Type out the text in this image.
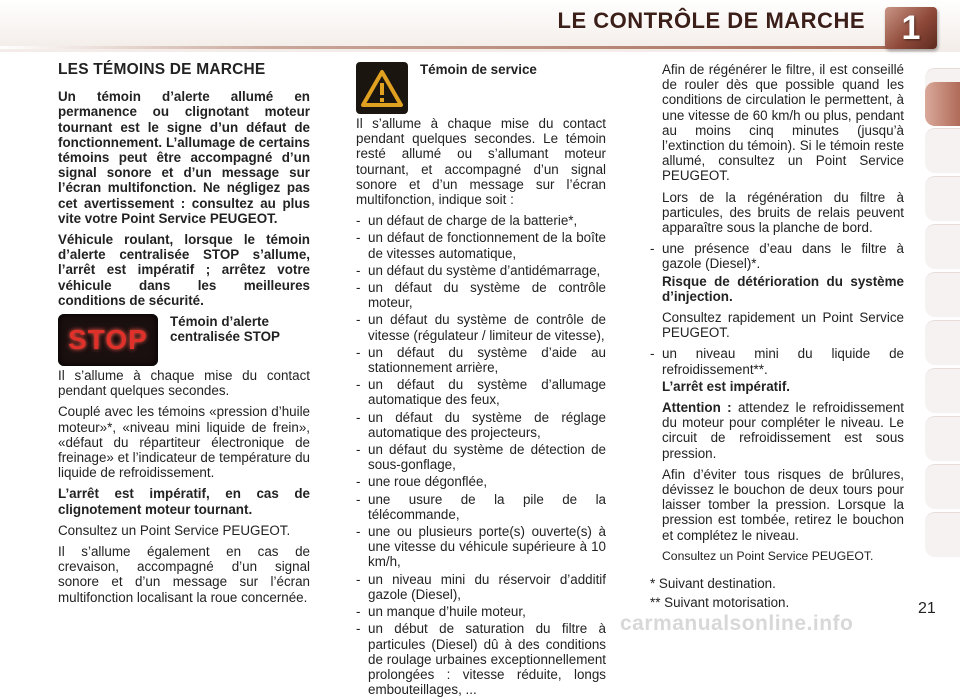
LE CONTRÔLE DE MARCHE 1
LES TÉMOINS DE MARCHE

Un témoin d’alerte allumé en permanence ou clignotant moteur tournant est le signe d’un défaut de fonctionnement. L’allumage de certains témoins peut être accompagné d’un signal sonore et d’un message sur l’écran multifonction. Ne négligez pas cet avertissement : consultez au plus vite votre Point Service PEUGEOT.

Véhicule roulant, lorsque le témoin d’alerte centralisée STOP s’allume, l’arrêt est impératif ; arrêtez votre véhicule dans les meilleures conditions de sécurité.

STOP
Témoin d’alerte centralisée STOP

Il s’allume à chaque mise du contact pendant quelques secondes.

Couplé avec les témoins «pression d’huile moteur»*, «niveau mini liquide de frein», «défaut du répartiteur électronique de freinage» et l’indicateur de température du liquide de refroidissement.

L’arrêt est impératif, en cas de clignotement moteur tournant.

Consultez un Point Service PEUGEOT.

Il s’allume également en cas de crevaison, accompagné d’un signal sonore et d’un message sur l’écran multifonction localisant la roue concernée.

Témoin de service

Il s’allume à chaque mise du contact pendant quelques secondes. Le témoin resté allumé ou s’allumant moteur tournant, et accompagné d’un signal sonore et d’un message sur l’écran multifonction, indique soit :

- un défaut de charge de la batterie*,
- un défaut de fonctionnement de la boîte de vitesses automatique,
- un défaut du système d’antidémarrage,
- un défaut du système de contrôle moteur,
- un défaut du système de contrôle de vitesse (régulateur / limiteur de vitesse),
- un défaut du système d’aide au stationnement arrière,
- un défaut du système d’allumage automatique des feux,
- un défaut du système de réglage automatique des projecteurs,
- un défaut du système de détection de sous-gonflage,
- une roue dégonflée,
- une usure de la pile de la télécommande,
- une ou plusieurs porte(s) ouverte(s) à une vitesse du véhicule supérieure à 10 km/h,
- un niveau mini du réservoir d’additif gazole (Diesel),
- un manque d’huile moteur,
- un début de saturation du filtre à particules (Diesel) dû à des conditions de roulage urbaines exceptionnellement prolongées : vitesse réduite, longs embouteillages, ...

Afin de régénérer le filtre, il est conseillé de rouler dès que possible quand les conditions de circulation le permettent, à une vitesse de 60 km/h ou plus, pendant au moins cinq minutes (jusqu’à l’extinction du témoin). Si le témoin reste allumé, consultez un Point Service PEUGEOT.

Lors de la régénération du filtre à particules, des bruits de relais peuvent apparaître sous la planche de bord.

- une présence d’eau dans le filtre à gazole (Diesel)*.

Risque de détérioration du système d’injection.

Consultez rapidement un Point Service PEUGEOT.

- un niveau mini du liquide de refroidissement**.

L’arrêt est impératif.

Attention : attendez le refroidissement du moteur pour compléter le niveau. Le circuit de refroidissement est sous pression.

Afin d’éviter tous risques de brûlures, dévissez le bouchon de deux tours pour laisser tomber la pression. Lorsque la pression est tombée, retirez le bouchon et complétez le niveau.

Consultez un Point Service PEUGEOT.

* Suivant destination.
** Suivant motorisation.	21
carmanualsonline.info
